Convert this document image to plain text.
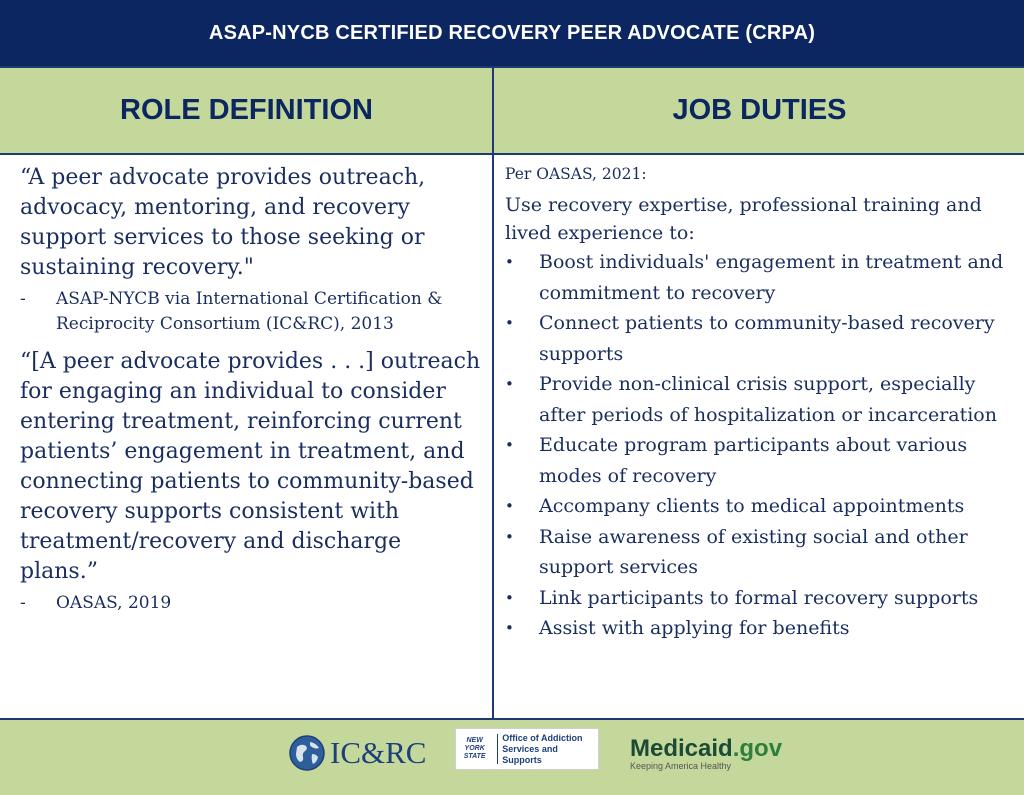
ASAP-NYCB CERTIFIED RECOVERY PEER ADVOCATE (CRPA)
ROLE DEFINITION	JOB DUTIES

“A peer advocate provides outreach, advocacy, mentoring, and recovery support services to those seeking or sustaining recovery."

-	ASAP-NYCB via International Certification & Reciprocity Consortium (IC&RC), 2013

“[A peer advocate provides . . .] outreach for engaging an individual to consider entering treatment, reinforcing current patients’ engagement in treatment, and connecting patients to community-based recovery supports consistent with treatment/recovery and discharge plans.”

-	OASAS, 2019

Per OASAS, 2021:

Use recovery expertise, professional training and lived experience to:

•	Boost individuals' engagement in treatment and commitment to recovery
•	Connect patients to community-based recovery supports
•	Provide non-clinical crisis support, especially after periods of hospitalization or incarceration
•	Educate program participants about various modes of recovery
•	Accompany clients to medical appointments
•	Raise awareness of existing social and other support services
•	Link participants to formal recovery supports
•	Assist with applying for benefits
IC&RC	NEW YORK STATE
Office of Addiction
Services and Supports	Medicaid.gov
Keeping America Healthy
